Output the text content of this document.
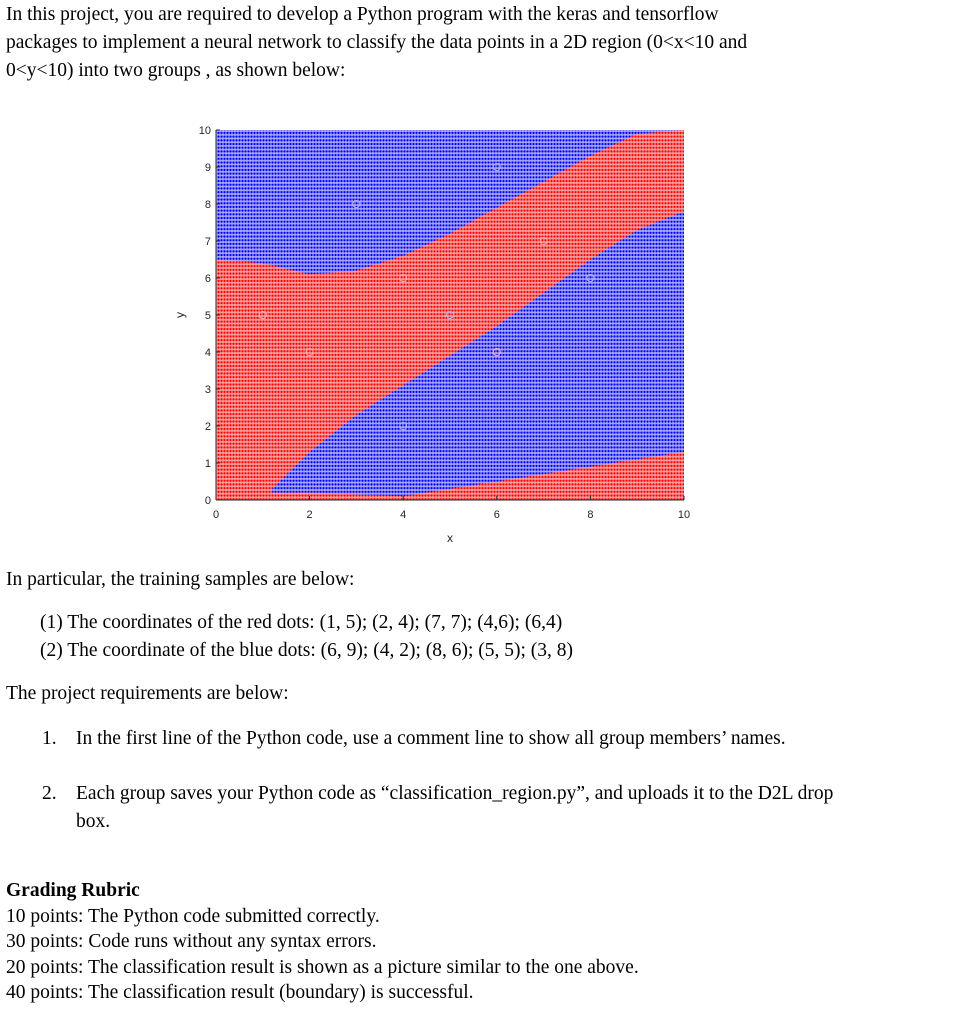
In this project, you are required to develop a Python program with the keras and tensorflow
packages to implement a neural network to classify the data points in a 2D region (0<x<10 and
0<y<10) into two groups , as shown below:
0	2	4	6	8	10
0
1
2
3
4
5
6
7
8
9
10
x
y
In particular, the training samples are below:
(1) The coordinates of the red dots: (1, 5); (2, 4); (7, 7); (4,6); (6,4)
(2) The coordinate of the blue dots: (6, 9); (4, 2); (8, 6); (5, 5); (3, 8)
The project requirements are below:
1. In the first line of the Python code, use a comment line to show all group members’ names.
2. Each group saves your Python code as “classification_region.py”, and uploads it to the D2L drop box.
Grading Rubric
10 points: The Python code submitted correctly.
30 points: Code runs without any syntax errors.
20 points: The classification result is shown as a picture similar to the one above.
40 points: The classification result (boundary) is successful.
